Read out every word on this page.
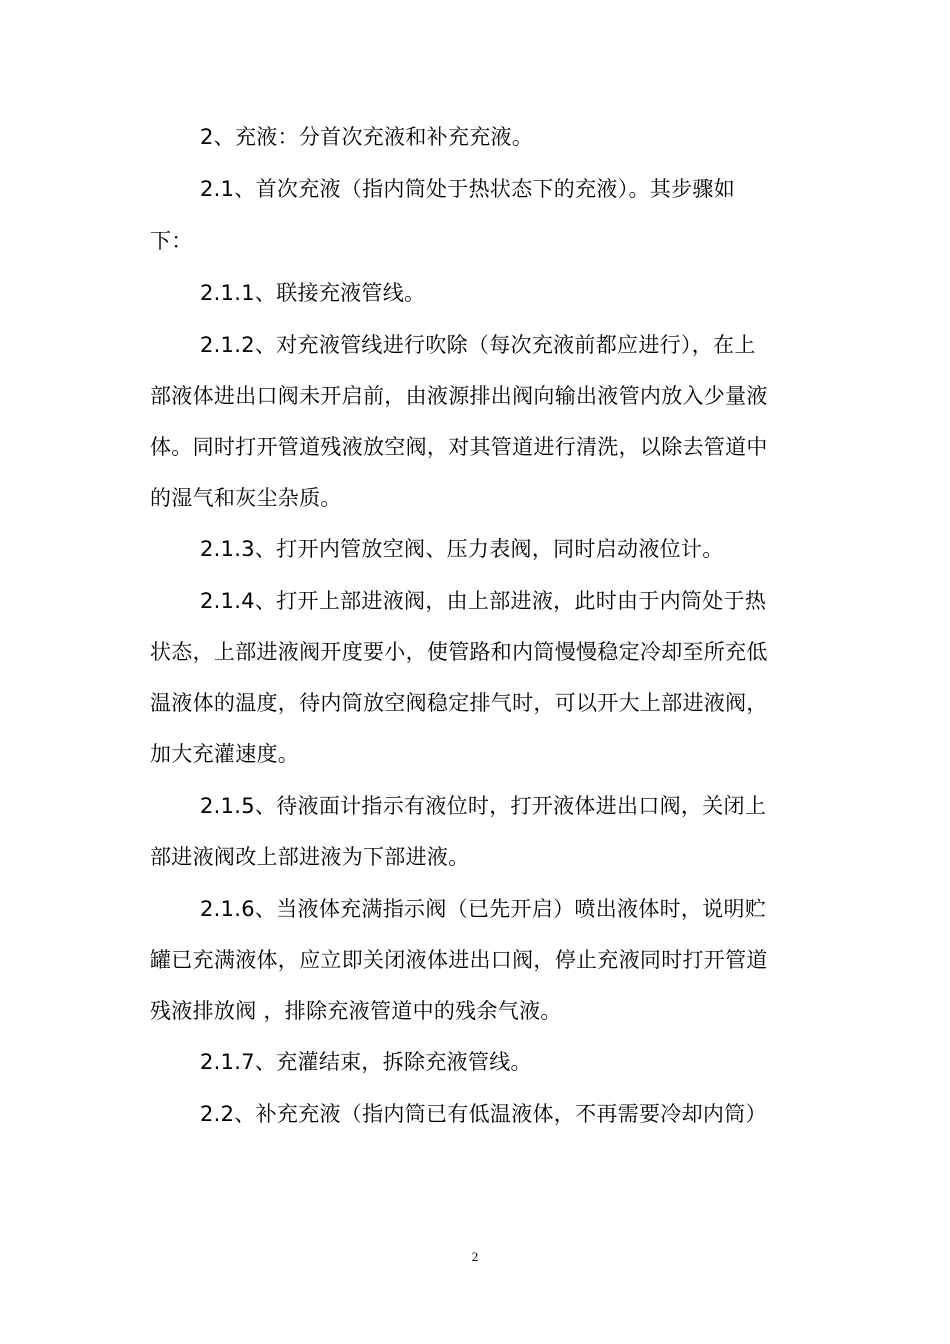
2、充液：分首次充液和补充充液。
2.1、首次充液（指内筒处于热状态下的充液）。其步骤如
下：
2.1.1、联接充液管线。
2.1.2、对充液管线进行吹除（每次充液前都应进行），在上
部液体进出口阀未开启前，由液源排出阀向输出液管内放入少量液
体。同时打开管道残液放空阀，对其管道进行清洗，以除去管道中
的湿气和灰尘杂质。
2.1.3、打开内管放空阀、压力表阀，同时启动液位计。
2.1.4、打开上部进液阀，由上部进液，此时由于内筒处于热
状态，上部进液阀开度要小，使管路和内筒慢慢稳定冷却至所充低
温液体的温度，待内筒放空阀稳定排气时，可以开大上部进液阀，
加大充灌速度。
2.1.5、待液面计指示有液位时，打开液体进出口阀，关闭上
部进液阀改上部进液为下部进液。
2.1.6、当液体充满指示阀（已先开启）喷出液体时，说明贮
罐已充满液体，应立即关闭液体进出口阀，停止充液同时打开管道
残液排放阀 ，排除充液管道中的残余气液。
2.1.7、充灌结束，拆除充液管线。
2.2、补充充液（指内筒已有低温液体，不再需要冷却内筒）
2
